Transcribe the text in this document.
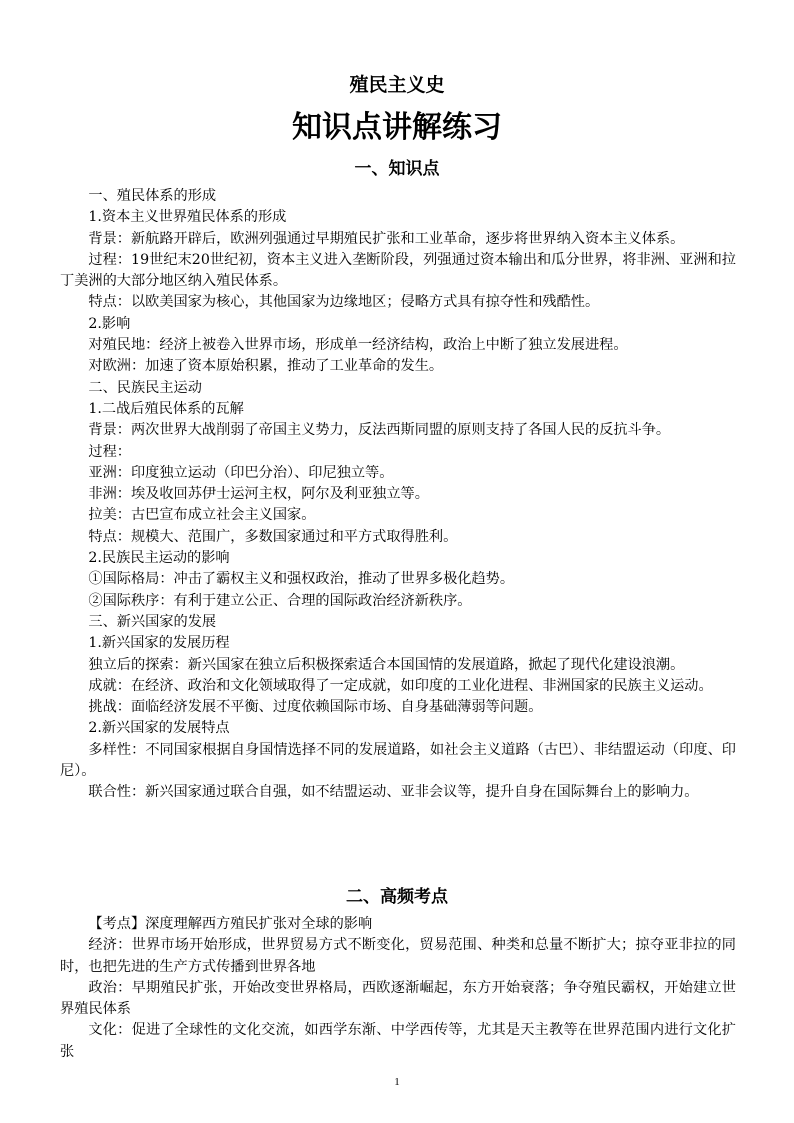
殖民主义史
知识点讲解练习
一、知识点

一、殖民体系的形成

1.资本主义世界殖民体系的形成

背景：新航路开辟后，欧洲列强通过早期殖民扩张和工业革命，逐步将世界纳入资本主义体系。

过程：19世纪末20世纪初，资本主义进入垄断阶段，列强通过资本输出和瓜分世界，将非洲、亚洲和拉丁美洲的大部分地区纳入殖民体系。

特点：以欧美国家为核心，其他国家为边缘地区；侵略方式具有掠夺性和残酷性。

2.影响

对殖民地：经济上被卷入世界市场，形成单一经济结构，政治上中断了独立发展进程。

对欧洲：加速了资本原始积累，推动了工业革命的发生。

二、民族民主运动

1.二战后殖民体系的瓦解

背景：两次世界大战削弱了帝国主义势力，反法西斯同盟的原则支持了各国人民的反抗斗争。

过程：

亚洲：印度独立运动（印巴分治）、印尼独立等。

非洲：埃及收回苏伊士运河主权，阿尔及利亚独立等。

拉美：古巴宣布成立社会主义国家。

特点：规模大、范围广，多数国家通过和平方式取得胜利。

2.民族民主运动的影响

①国际格局：冲击了霸权主义和强权政治，推动了世界多极化趋势。

②国际秩序：有利于建立公正、合理的国际政治经济新秩序。

三、新兴国家的发展

1.新兴国家的发展历程

独立后的探索：新兴国家在独立后积极探索适合本国国情的发展道路，掀起了现代化建设浪潮。

成就：在经济、政治和文化领域取得了一定成就，如印度的工业化进程、非洲国家的民族主义运动。

挑战：面临经济发展不平衡、过度依赖国际市场、自身基础薄弱等问题。

2.新兴国家的发展特点

多样性：不同国家根据自身国情选择不同的发展道路，如社会主义道路（古巴）、非结盟运动（印度、印尼）。

联合性：新兴国家通过联合自强，如不结盟运动、亚非会议等，提升自身在国际舞台上的影响力。

二、高频考点

【考点】深度理解西方殖民扩张对全球的影响

经济：世界市场开始形成，世界贸易方式不断变化，贸易范围、种类和总量不断扩大；掠夺亚非拉的同时，也把先进的生产方式传播到世界各地

政治：早期殖民扩张，开始改变世界格局，西欧逐渐崛起，东方开始衰落；争夺殖民霸权，开始建立世界殖民体系

文化：促进了全球性的文化交流，如西学东渐、中学西传等，尤其是天主教等在世界范围内进行文化扩张

1
